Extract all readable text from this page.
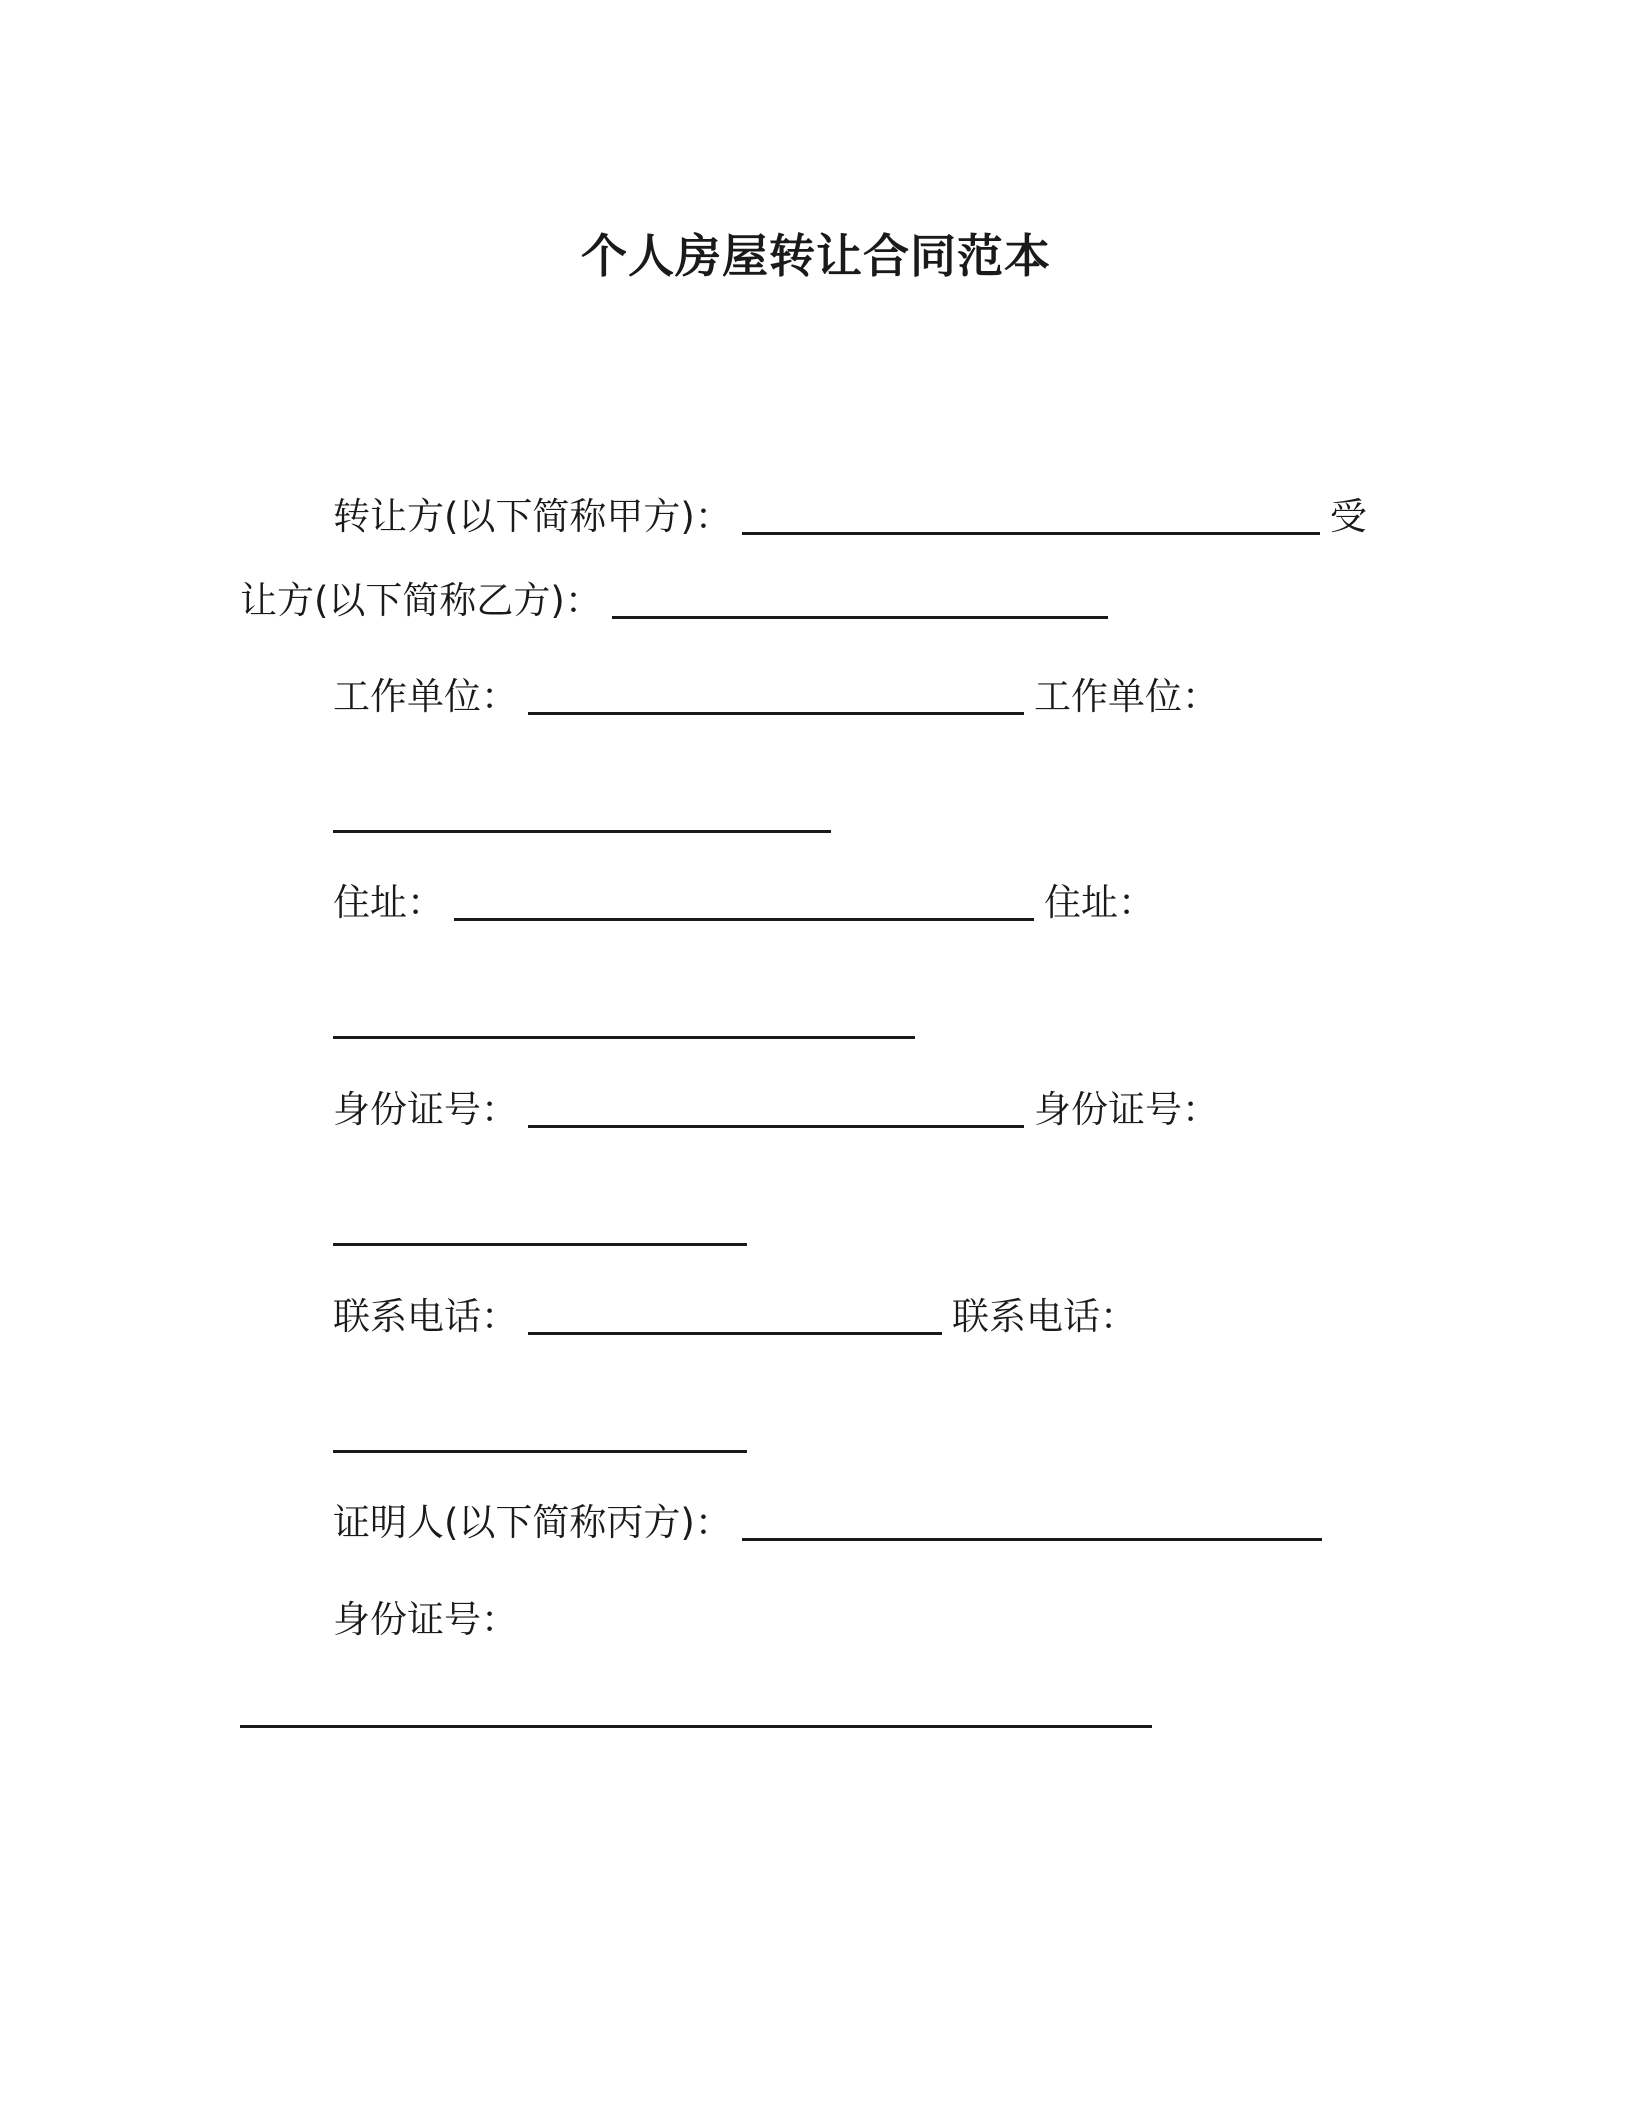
个人房屋转让合同范本
转让方(以下简称甲方)：	受
让方(以下简称乙方)：
工作单位：	工作单位：
住址：	住址：
身份证号：	身份证号：
联系电话：	联系电话：
证明人(以下简称丙方)：
身份证号：
